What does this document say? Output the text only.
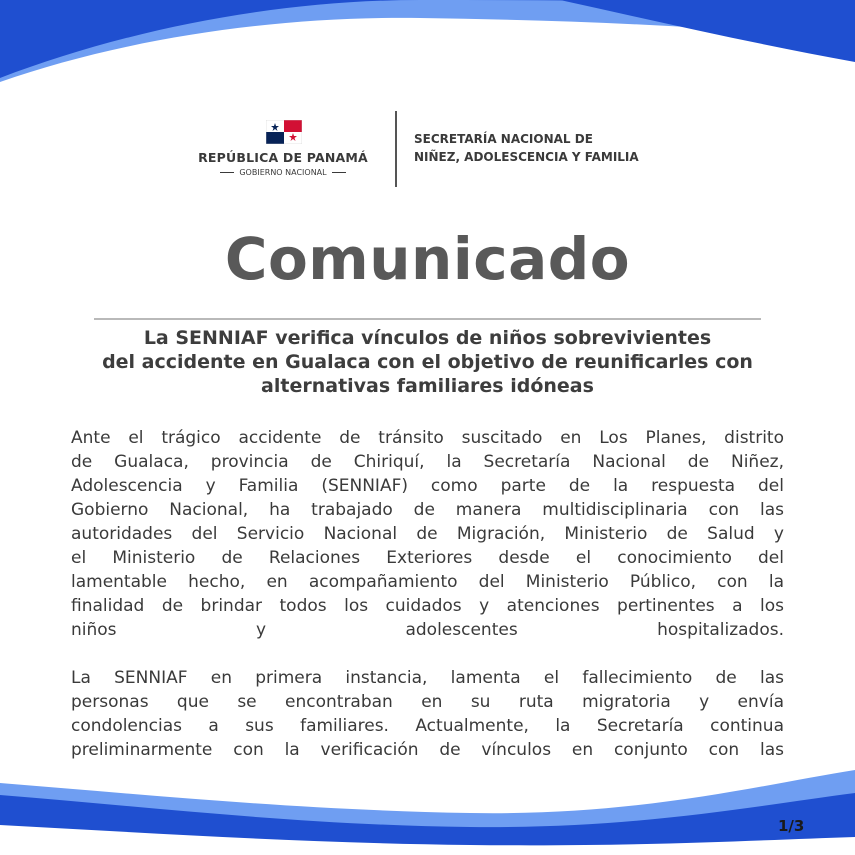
REPÚBLICA DE PANAMÁ
GOBIERNO NACIONAL
SECRETARÍA NACIONAL DE
NIÑEZ, ADOLESCENCIA Y FAMILIA
Comunicado
La SENNIAF verifica vínculos de niños sobrevivientes
del accidente en Gualaca con el objetivo de reunificarles con
alternativas familiares idóneas
Ante el trágico accidente de tránsito suscitado en Los Planes, distrito
de Gualaca, provincia de Chiriquí, la Secretaría Nacional de Niñez,
Adolescencia y Familia (SENNIAF) como parte de la respuesta del
Gobierno Nacional, ha trabajado de manera multidisciplinaria con las
autoridades del Servicio Nacional de Migración, Ministerio de Salud y
el Ministerio de Relaciones Exteriores desde el conocimiento del
lamentable hecho, en acompañamiento del Ministerio Público, con la
finalidad de brindar todos los cuidados y atenciones pertinentes a los
niños y adolescentes hospitalizados.
La SENNIAF en primera instancia, lamenta el fallecimiento de las
personas que se encontraban en su ruta migratoria y envía
condolencias a sus familiares. Actualmente, la Secretaría continua
preliminarmente con la verificación de vínculos en conjunto con las
1/3
